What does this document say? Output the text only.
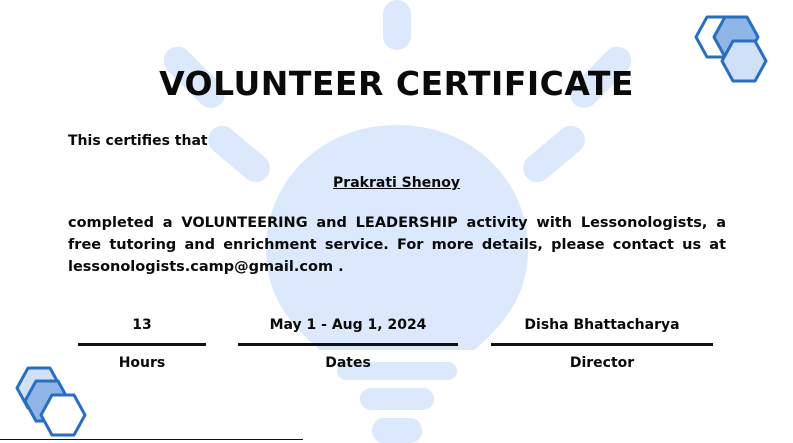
VOLUNTEER CERTIFICATE
This certifies that
Prakrati Shenoy
completed a VOLUNTEERING and LEADERSHIP activity with Lessonologists, a free tutoring and enrichment service. For more details, please contact us at lessonologists.camp@gmail.com .
13
Hours
May 1 - Aug 1, 2024
Dates
Disha Bhattacharya
Director
